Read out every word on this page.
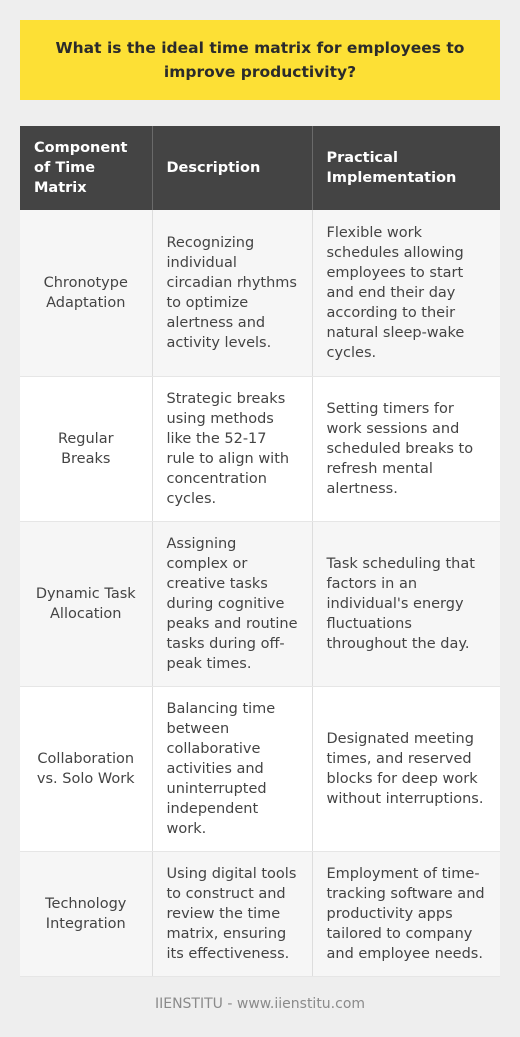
What is the ideal time matrix for employees to improve productivity?
Component of Time Matrix	Description	Practical Implementation
Chronotype Adaptation	Recognizing individual circadian rhythms to optimize alertness and activity levels.	Flexible work schedules allowing employees to start and end their day according to their natural sleep-wake cycles.
Regular Breaks	Strategic breaks using methods like the 52-17 rule to align with concentration cycles.	Setting timers for work sessions and scheduled breaks to refresh mental alertness.
Dynamic Task Allocation	Assigning complex or creative tasks during cognitive peaks and routine tasks during off-peak times.	Task scheduling that factors in an individual's energy fluctuations throughout the day.
Collaboration vs. Solo Work	Balancing time between collaborative activities and uninterrupted independent work.	Designated meeting times, and reserved blocks for deep work without interruptions.
Technology Integration	Using digital tools to construct and review the time matrix, ensuring its effectiveness.	Employment of time-tracking software and productivity apps tailored to company and employee needs.
IIENSTITU - www.iienstitu.com
